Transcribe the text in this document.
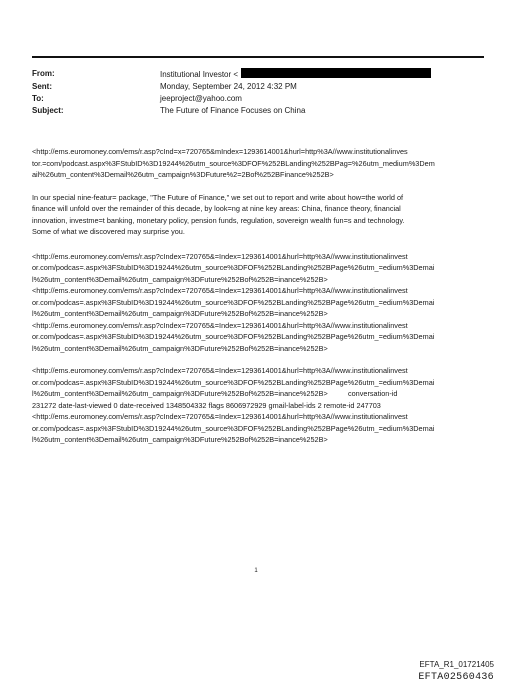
From:	Institutional Investor <
Sent:	Monday, September 24, 2012 4:32 PM
To:	jeeproject@yahoo.com
Subject:	The Future of Finance Focuses on China
<http://ems.euromoney.com/ems/r.asp?cInd=x=720765&mIndex=1293614001&hurl=http%3A//www.institutionalinves
tor.=com/podcast.aspx%3FStubID%3D19244%26utm_source%3DFOF%252BLanding%252BPag=%26utm_medium%3Dem
ail%26utm_content%3Demail%26utm_campaign%3DFuture%2=2Bof%252BFinance%252B>
In our special nine-featur= package, "The Future of Finance," we set out to report and write about how=the world of
finance will unfold over the remainder of this decade, by look=ng at nine key areas: China, finance theory, financial
innovation, investme=t banking, monetary policy, pension funds, regulation, sovereign wealth fun=s and technology.
Some of what we discovered may surprise you.
<http://ems.euromoney.com/ems/r.asp?cIndex=720765&=Index=1293614001&hurl=http%3A//www.institutionalinvest
or.com/podcas=.aspx%3FStubID%3D19244%26utm_source%3DFOF%252BLanding%252BPage%26utm_=edium%3Demai
l%26utm_content%3Demail%26utm_campaign%3DFuture%252Bof%252B=inance%252B>
<http://ems.euromoney.com/ems/r.asp?cIndex=720765&=Index=1293614001&hurl=http%3A//www.institutionalinvest
or.com/podcas=.aspx%3FStubID%3D19244%26utm_source%3DFOF%252BLanding%252BPage%26utm_=edium%3Demai
l%26utm_content%3Demail%26utm_campaign%3DFuture%252Bof%252B=inance%252B>
<http://ems.euromoney.com/ems/r.asp?cIndex=720765&=Index=1293614001&hurl=http%3A//www.institutionalinvest
or.com/podcas=.aspx%3FStubID%3D19244%26utm_source%3DFOF%252BLanding%252BPage%26utm_=edium%3Demai
l%26utm_content%3Demail%26utm_campaign%3DFuture%252Bof%252B=inance%252B>
<http://ems.euromoney.com/ems/r.asp?cIndex=720765&=Index=1293614001&hurl=http%3A//www.institutionalinvest
or.com/podcas=.aspx%3FStubID%3D19244%26utm_source%3DFOF%252BLanding%252BPage%26utm_=edium%3Demai
l%26utm_content%3Demail%26utm_campaign%3DFuture%252Bof%252B=inance%252B>          conversation-id
231272 date-last-viewed 0 date-received 1348504332 flags 8606972929 gmail-label-ids 2 remote-id 247703
<http://ems.euromoney.com/ems/r.asp?cIndex=720765&=Index=1293614001&hurl=http%3A//www.institutionalinvest
or.com/podcas=.aspx%3FStubID%3D19244%26utm_source%3DFOF%252BLanding%252BPage%26utm_=edium%3Demai
l%26utm_content%3Demail%26utm_campaign%3DFuture%252Bof%252B=inance%252B>
1
EFTA_R1_01721405
EFTA02560436
